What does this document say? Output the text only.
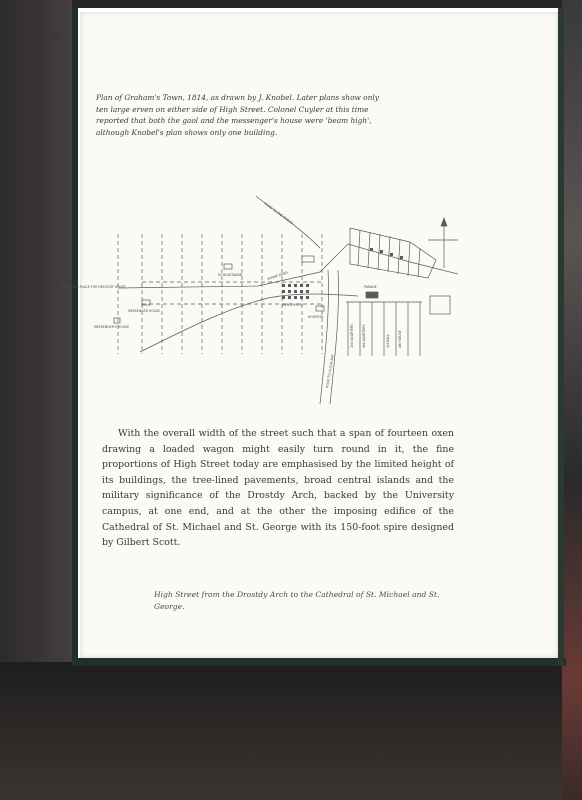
18
Plan of Graham's Town, 1814, as drawn by J. Knobel. Later plans show only ten large erven on either side of High Street. Colonel Cuyler at this time reported that both the gaol and the messenger's house were 'beam high', although Knobel's plan shows only one building.
Mr BOATSWAIN
MESSENGER HOUSE
HOSPITAL
MEN'S HUTS
PARADE
INTENDED PLACE FOR DROSTDY HOUSE
MESSENGER'S HOUSE
ROAD TO THE KAROO
ROAD TO ALGOA BAY
2nd QUARTERS	3rd QUARTERS	1st HALL	4th HOUSE
KOWIE RIVER
With the overall width of the street such that a span of fourteen oxen drawing a loaded wagon might easily turn round in it, the fine proportions of High Street today are emphasised by the limited height of its buildings, the tree-lined pavements, broad central islands and the military significance of the Drostdy Arch, backed by the University campus, at one end, and at the other the imposing edifice of the Cathedral of St. Michael and St. George with its 150-foot spire designed by Gilbert Scott.
High Street from the Drostdy Arch to the Cathedral of St. Michael and St. George.
